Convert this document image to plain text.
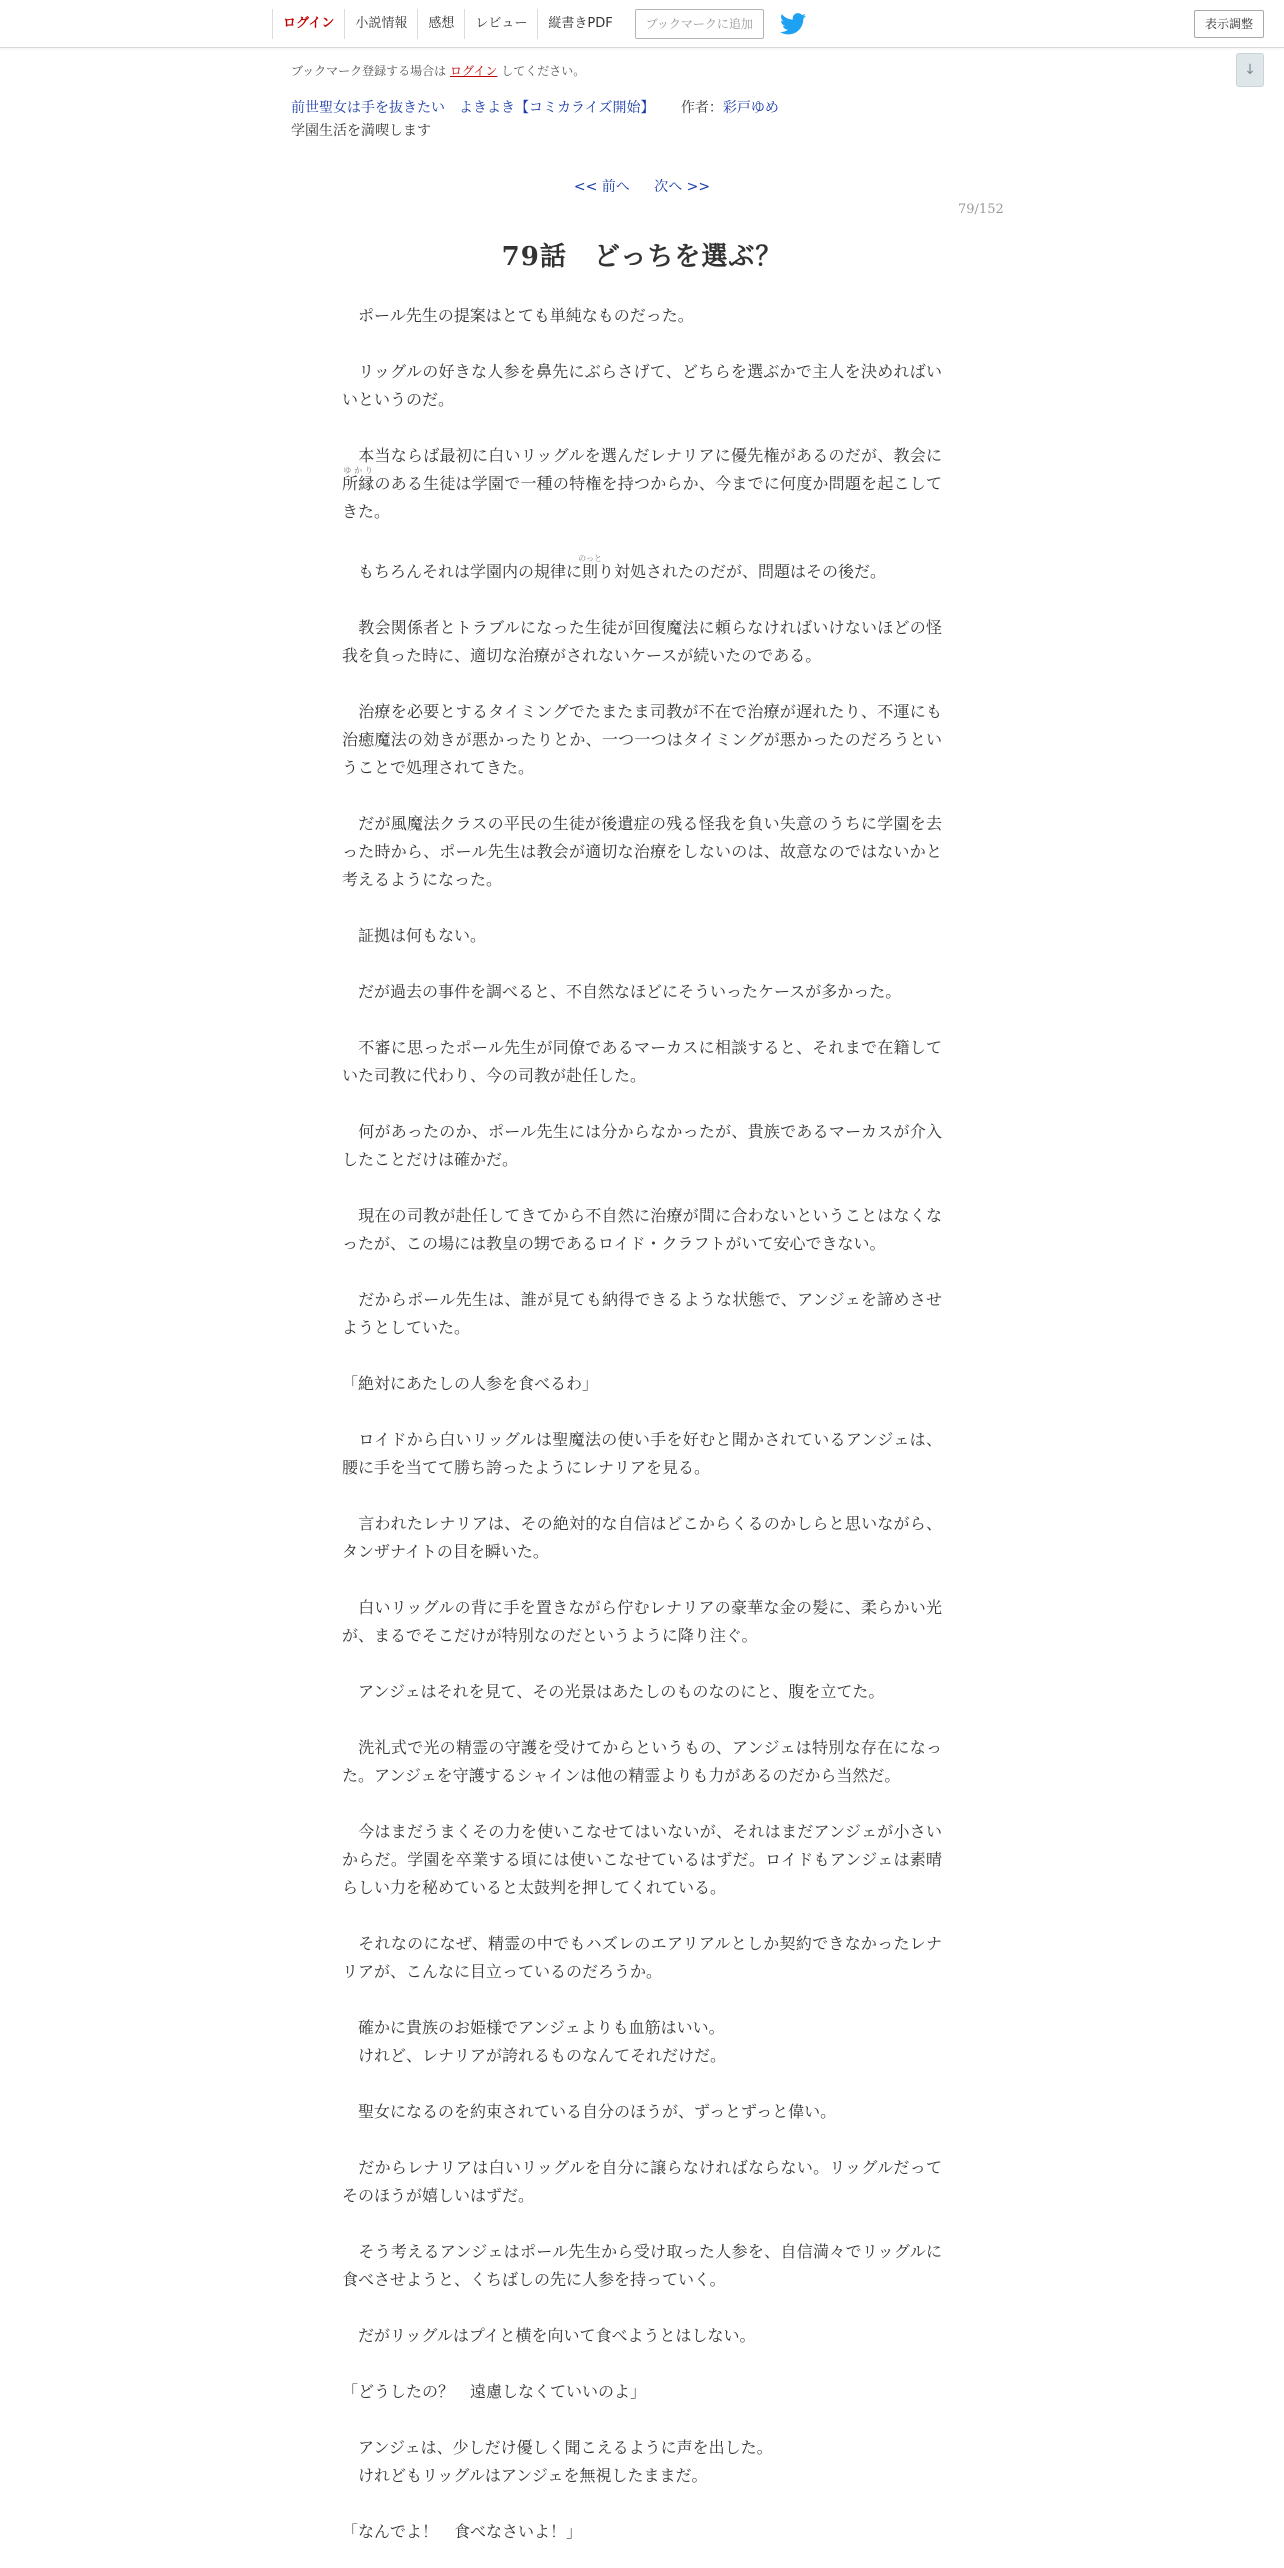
ログイン	小説情報	感想	レビュー	縦書きPDF	ブックマークに追加	表示調整
↓
ブックマーク登録する場合は ログイン してください。
前世聖女は手を抜きたい　よきよき【コミカライズ開始】 作者：彩戸ゆめ
学園生活を満喫します
<< 前へ 次へ >>
79/152
79話　どっちを選ぶ？

　ポール先生の提案はとても単純なものだった。

　リッグルの好きな人参を鼻先にぶらさげて、どちらを選ぶかで主人を決めればいいというのだ。

　本当ならば最初に白いリッグルを選んだレナリアに優先権があるのだが、教会に所縁ゆかりのある生徒は学園で一種の特権を持つからか、今までに何度か問題を起こしてきた。

　もちろんそれは学園内の規律に則のっとり対処されたのだが、問題はその後だ。

　教会関係者とトラブルになった生徒が回復魔法に頼らなければいけないほどの怪我を負った時に、適切な治療がされないケースが続いたのである。

　治療を必要とするタイミングでたまたま司教が不在で治療が遅れたり、不運にも治癒魔法の効きが悪かったりとか、一つ一つはタイミングが悪かったのだろうということで処理されてきた。

　だが風魔法クラスの平民の生徒が後遺症の残る怪我を負い失意のうちに学園を去った時から、ポール先生は教会が適切な治療をしないのは、故意なのではないかと考えるようになった。

　証拠は何もない。

　だが過去の事件を調べると、不自然なほどにそういったケースが多かった。

　不審に思ったポール先生が同僚であるマーカスに相談すると、それまで在籍していた司教に代わり、今の司教が赴任した。

　何があったのか、ポール先生には分からなかったが、貴族であるマーカスが介入したことだけは確かだ。

　現在の司教が赴任してきてから不自然に治療が間に合わないということはなくなったが、この場には教皇の甥であるロイド・クラフトがいて安心できない。

　だからポール先生は、誰が見ても納得できるような状態で、アンジェを諦めさせようとしていた。

「絶対にあたしの人参を食べるわ」

　ロイドから白いリッグルは聖魔法の使い手を好むと聞かされているアンジェは、腰に手を当てて勝ち誇ったようにレナリアを見る。

　言われたレナリアは、その絶対的な自信はどこからくるのかしらと思いながら、タンザナイトの目を瞬いた。

　白いリッグルの背に手を置きながら佇むレナリアの豪華な金の髪に、柔らかい光が、まるでそこだけが特別なのだというように降り注ぐ。

　アンジェはそれを見て、その光景はあたしのものなのにと、腹を立てた。

　洗礼式で光の精霊の守護を受けてからというもの、アンジェは特別な存在になった。アンジェを守護するシャインは他の精霊よりも力があるのだから当然だ。

　今はまだうまくその力を使いこなせてはいないが、それはまだアンジェが小さいからだ。学園を卒業する頃には使いこなせているはずだ。ロイドもアンジェは素晴らしい力を秘めていると太鼓判を押してくれている。

　それなのになぜ、精霊の中でもハズレのエアリアルとしか契約できなかったレナリアが、こんなに目立っているのだろうか。

　確かに貴族のお姫様でアンジェよりも血筋はいい。
　けれど、レナリアが誇れるものなんてそれだけだ。

　聖女になるのを約束されている自分のほうが、ずっとずっと偉い。

　だからレナリアは白いリッグルを自分に譲らなければならない。リッグルだってそのほうが嬉しいはずだ。

　そう考えるアンジェはポール先生から受け取った人参を、自信満々でリッグルに食べさせようと、くちばしの先に人参を持っていく。

　だがリッグルはプイと横を向いて食べようとはしない。

「どうしたの？　遠慮しなくていいのよ」

　アンジェは、少しだけ優しく聞こえるように声を出した。
　けれどもリッグルはアンジェを無視したままだ。

「なんでよ！　食べなさいよ！」
